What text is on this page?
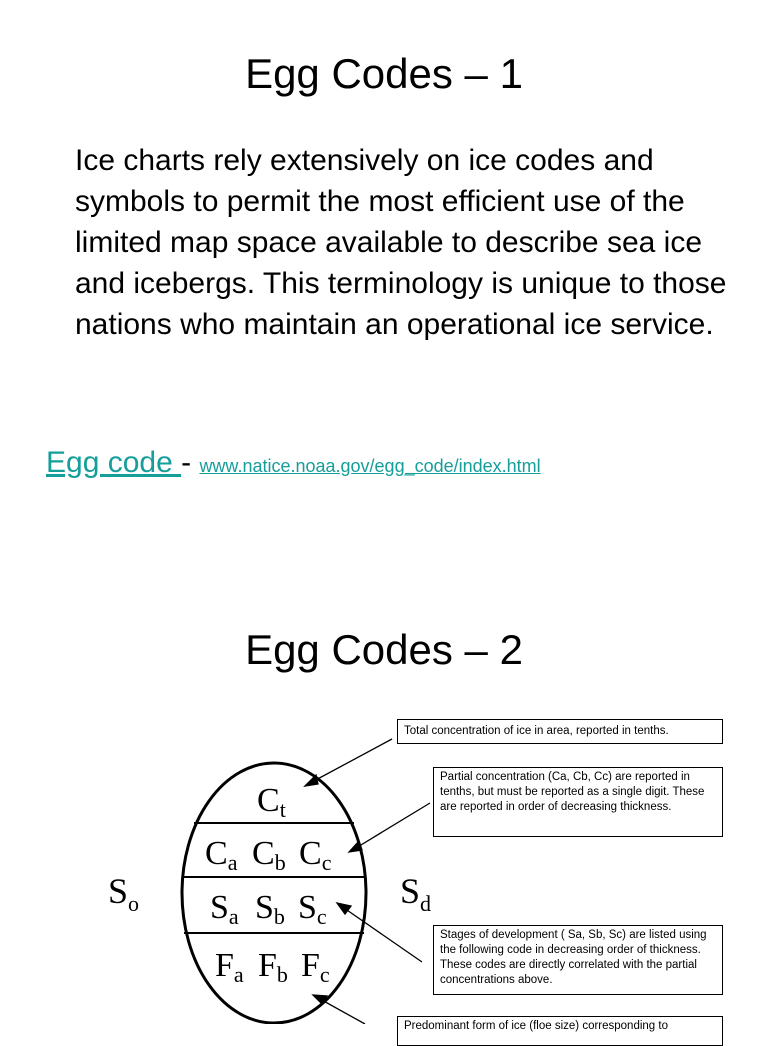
Egg Codes – 1

Ice charts rely extensively on ice codes and symbols to permit the most efficient use of the limited map space available to describe sea ice and icebergs. This terminology is unique to those nations who maintain an operational ice service.

Egg code - www.natice.noaa.gov/egg_code/index.html
Egg Codes – 2
Ct
Ca Cb Cc
Sa Sb Sc
Fa Fb Fc
$S_o$	$S_d$
Total concentration of ice in area, reported in tenths.
Partial concentration (Ca, Cb, Cc) are reported in tenths, but must be reported as a single digit. These are reported in order of decreasing thickness.
Stages of development ( Sa, Sb, Sc) are listed using the following code in decreasing order of thickness. These codes are directly correlated with the partial concentrations above.
Predominant form of ice (floe size) corresponding to
